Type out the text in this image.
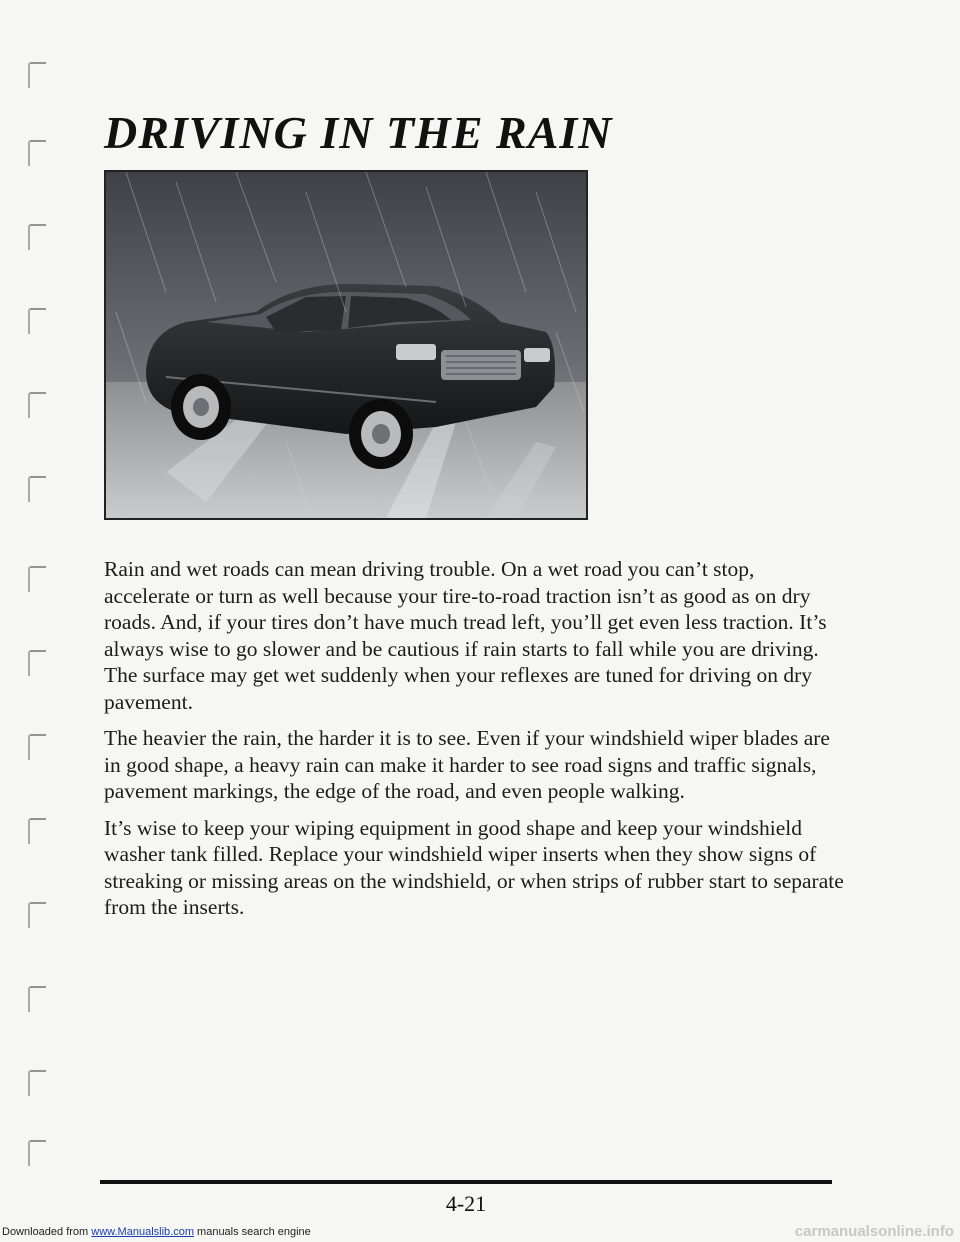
DRIVING IN THE RAIN

Rain and wet roads can mean driving trouble. On a wet road you can’t stop, accelerate or turn as well because your tire-to-road traction isn’t as good as on dry roads. And, if your tires don’t have much tread left, you’ll get even less traction. It’s always wise to go slower and be cautious if rain starts to fall while you are driving. The surface may get wet suddenly when your reflexes are tuned for driving on dry pavement.

The heavier the rain, the harder it is to see. Even if your windshield wiper blades are in good shape, a heavy rain can make it harder to see road signs and traffic signals, pavement markings, the edge of the road, and even people walking.

It’s wise to keep your wiping equipment in good shape and keep your windshield washer tank filled. Replace your windshield wiper inserts when they show signs of streaking or missing areas on the windshield, or when strips of rubber start to separate from the inserts.

4-21
Downloaded from www.Manualslib.com manuals search engine	carmanualsonline.info
